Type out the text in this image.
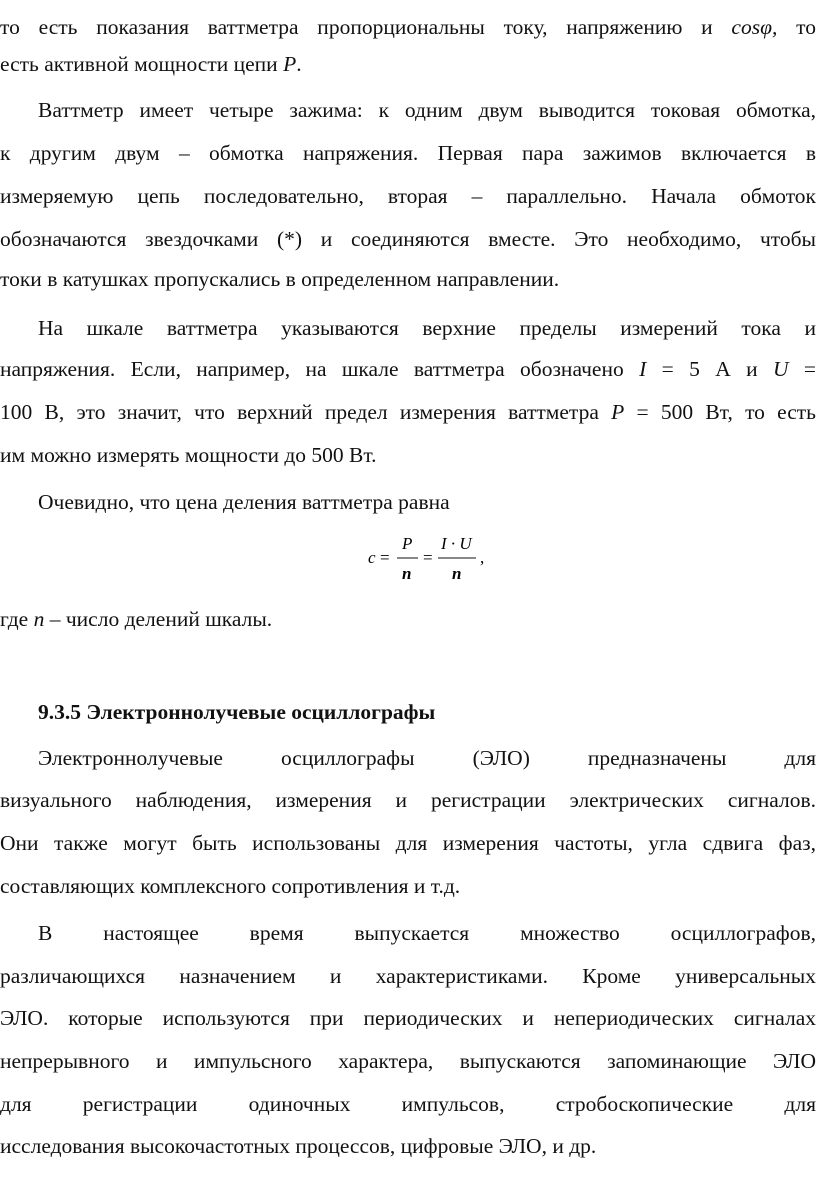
то есть показания ваттметра пропорциональны току, напряжению и cosφ, то
есть активной мощности цепи P.
Ваттметр имеет четыре зажима: к одним двум выводится токовая обмотка,
к другим двум – обмотка напряжения. Первая пара зажимов включается в
измеряемую цепь последовательно, вторая – параллельно. Начала обмоток
обозначаются звездочками (*) и соединяются вместе. Это необходимо, чтобы
токи в катушках пропускались в определенном направлении.
На шкале ваттметра указываются верхние пределы измерений тока и
напряжения. Если, например, на шкале ваттметра обозначено I = 5 А и U =
100 В, это значит, что верхний предел измерения ваттметра P = 500 Вт, то есть
им можно измерять мощности до 500 Вт.
Очевидно, что цена деления ваттметра равна
c =
P
n
=
I · U
n
,
где n – число делений шкалы.
9.3.5 Электроннолучевые осциллографы
Электроннолучевые осциллографы (ЭЛО) предназначены для
визуального наблюдения, измерения и регистрации электрических сигналов.
Они также могут быть использованы для измерения частоты, угла сдвига фаз,
составляющих комплексного сопротивления и т.д.
В настоящее время выпускается множество осциллографов,
различающихся назначением и характеристиками. Кроме универсальных
ЭЛО. которые используются при периодических и непериодических сигналах
непрерывного и импульсного характера, выпускаются запоминающие ЭЛО
для регистрации одиночных импульсов, стробоскопические для
исследования высокочастотных процессов, цифровые ЭЛО, и др.
